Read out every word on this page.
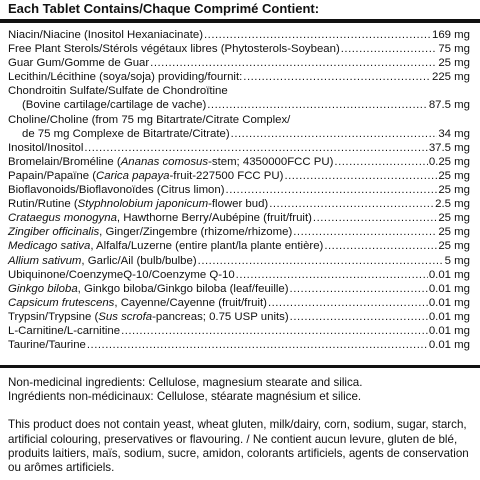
Each Tablet Contains/Chaque Comprimé Contient:
Niacin/Niacine (Inositol Hexaniacinate) .....	169 mg
Free Plant Sterols/Stérols végétaux libres (Phytosterols-Soybean) .....	75 mg
Guar Gum/Gomme de Guar .....	25 mg
Lecithin/Lécithine (soya/soja) providing/fournit: .....	225 mg
Chondroitin Sulfate/Sulfate de Chondroïtine
(Bovine cartilage/cartilage de vache) .....	87.5 mg
Choline/Choline (from 75 mg Bitartrate/Citrate Complex/
de 75 mg Complexe de Bitartrate/Citrate) .....	34 mg
Inositol/Inositol .....	37.5 mg
Bromelain/Broméline (Ananas comosus-stem; 4350000FCC PU) .....	0.25 mg
Papain/Papaïne (Carica papaya-fruit-227500 FCC PU) .....	25 mg
Bioflavonoids/Bioflavonoïdes (Citrus limon) .....	25 mg
Rutin/Rutine (Styphnolobium japonicum-flower bud) .....	2.5 mg
Crataegus monogyna, Hawthorne Berry/Aubépine (fruit/fruit) .....	25 mg
Zingiber officinalis, Ginger/Zingembre (rhizome/rhizome) .....	25 mg
Medicago sativa, Alfalfa/Luzerne (entire plant/la plante entière) .....	25 mg
Allium sativum, Garlic/Ail (bulb/bulbe) .....	5 mg
Ubiquinone/CoenzymeQ-10/Coenzyme Q-10 .....	0.01 mg
Ginkgo biloba, Ginkgo biloba/Ginkgo biloba (leaf/feuille) .....	0.01 mg
Capsicum frutescens, Cayenne/Cayenne (fruit/fruit) .....	0.01 mg
Trypsin/Trypsine (Sus scrofa-pancreas; 0.75 USP units) .....	0.01 mg
L-Carnitine/L-carnitine .....	0.01 mg
Taurine/Taurine .....	0.01 mg

Non-medicinal ingredients: Cellulose, magnesium stearate and silica.

Ingrédients non-médicinaux: Cellulose, stéarate magnésium et silice.

This product does not contain yeast, wheat gluten, milk/dairy, corn, sodium, sugar, starch, artificial colouring, preservatives or flavouring. / Ne contient aucun levure, gluten de blé, produits laitiers, maïs, sodium, sucre, amidon, colorants artificiels, agents de conservation ou arômes artificiels.
